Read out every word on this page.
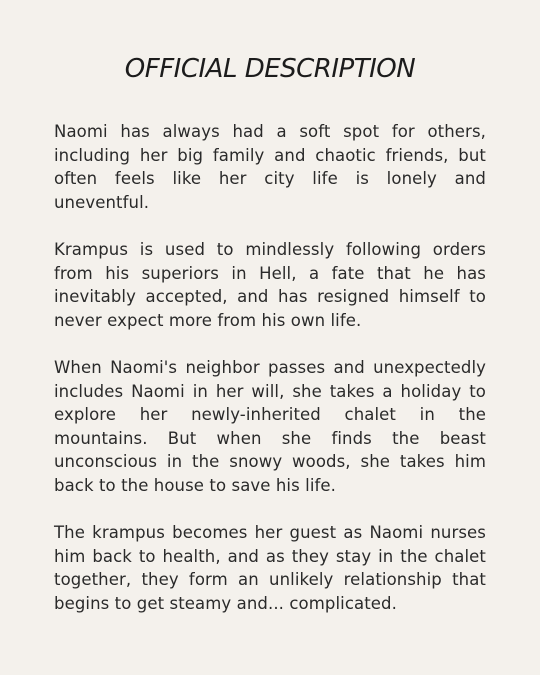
OFFICIAL DESCRIPTION

Naomi has always had a soft spot for others, including her big family and chaotic friends, but often feels like her city life is lonely and uneventful.

Krampus is used to mindlessly following orders from his superiors in Hell, a fate that he has inevitably accepted, and has resigned himself to never expect more from his own life.

When Naomi's neighbor passes and unexpectedly includes Naomi in her will, she takes a holiday to explore her newly-inherited chalet in the mountains. But when she finds the beast unconscious in the snowy woods, she takes him back to the house to save his life.

The krampus becomes her guest as Naomi nurses him back to health, and as they stay in the chalet together, they form an unlikely relationship that begins to get steamy and... complicated.
